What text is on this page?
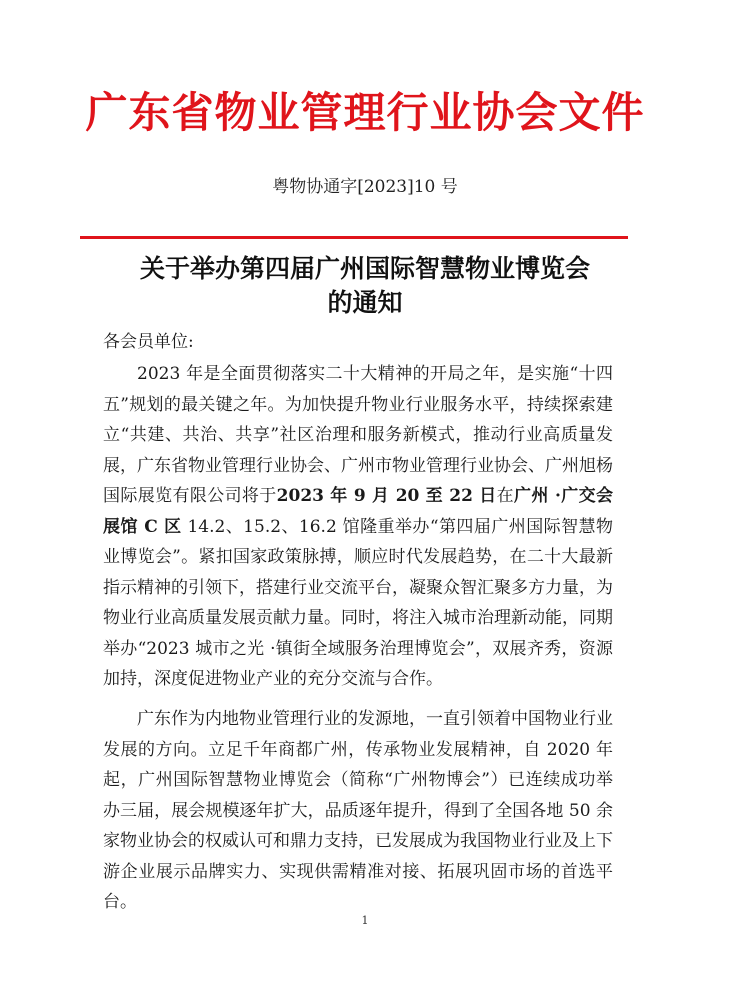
广东省物业管理行业协会文件
粤物协通字[2023]10 号
关于举办第四届广州国际智慧物业博览会
的通知
各会员单位:

2023 年是全面贯彻落实二十大精神的开局之年，是实施“十四五”规划的最关键之年。为加快提升物业行业服务水平，持续探索建立“共建、共治、共享”社区治理和服务新模式，推动行业高质量发展，广东省物业管理行业协会、广州市物业管理行业协会、广州旭杨国际展览有限公司将于2023 年 9 月 20 至 22 日在广州 ·广交会展馆 C 区 14.2、15.2、16.2 馆隆重举办“第四届广州国际智慧物业博览会”。紧扣国家政策脉搏，顺应时代发展趋势，在二十大最新指示精神的引领下，搭建行业交流平台，凝聚众智汇聚多方力量，为物业行业高质量发展贡献力量。同时，将注入城市治理新动能，同期举办“2023 城市之光 ·镇街全域服务治理博览会”，双展齐秀，资源加持，深度促进物业产业的充分交流与合作。

广东作为内地物业管理行业的发源地，一直引领着中国物业行业发展的方向。立足千年商都广州，传承物业发展精神，自 2020 年起，广州国际智慧物业博览会（简称“广州物博会”）已连续成功举办三届，展会规模逐年扩大，品质逐年提升，得到了全国各地 50 余家物业协会的权威认可和鼎力支持，已发展成为我国物业行业及上下游企业展示品牌实力、实现供需精准对接、拓展巩固市场的首选平台。

1
